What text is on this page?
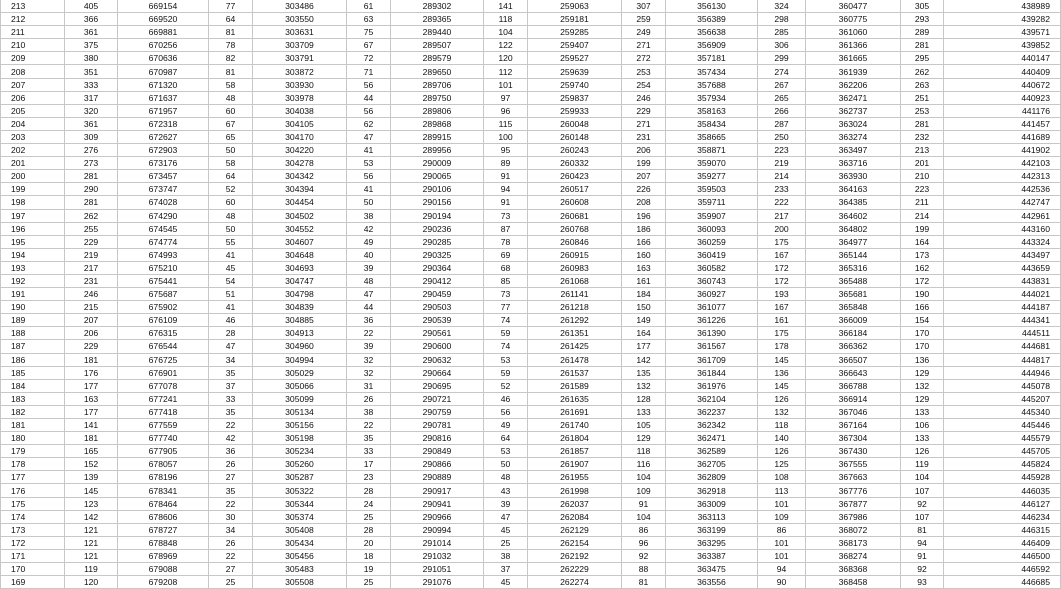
213	405	669154	77	303486	61	289302	141	259063	307	356130	324	360477	305	438989
212	366	669520	64	303550	63	289365	118	259181	259	356389	298	360775	293	439282
211	361	669881	81	303631	75	289440	104	259285	249	356638	285	361060	289	439571
210	375	670256	78	303709	67	289507	122	259407	271	356909	306	361366	281	439852
209	380	670636	82	303791	72	289579	120	259527	272	357181	299	361665	295	440147
208	351	670987	81	303872	71	289650	112	259639	253	357434	274	361939	262	440409
207	333	671320	58	303930	56	289706	101	259740	254	357688	267	362206	263	440672
206	317	671637	48	303978	44	289750	97	259837	246	357934	265	362471	251	440923
205	320	671957	60	304038	56	289806	96	259933	229	358163	266	362737	253	441176
204	361	672318	67	304105	62	289868	115	260048	271	358434	287	363024	281	441457
203	309	672627	65	304170	47	289915	100	260148	231	358665	250	363274	232	441689
202	276	672903	50	304220	41	289956	95	260243	206	358871	223	363497	213	441902
201	273	673176	58	304278	53	290009	89	260332	199	359070	219	363716	201	442103
200	281	673457	64	304342	56	290065	91	260423	207	359277	214	363930	210	442313
199	290	673747	52	304394	41	290106	94	260517	226	359503	233	364163	223	442536
198	281	674028	60	304454	50	290156	91	260608	208	359711	222	364385	211	442747
197	262	674290	48	304502	38	290194	73	260681	196	359907	217	364602	214	442961
196	255	674545	50	304552	42	290236	87	260768	186	360093	200	364802	199	443160
195	229	674774	55	304607	49	290285	78	260846	166	360259	175	364977	164	443324
194	219	674993	41	304648	40	290325	69	260915	160	360419	167	365144	173	443497
193	217	675210	45	304693	39	290364	68	260983	163	360582	172	365316	162	443659
192	231	675441	54	304747	48	290412	85	261068	161	360743	172	365488	172	443831
191	246	675687	51	304798	47	290459	73	261141	184	360927	193	365681	190	444021
190	215	675902	41	304839	44	290503	77	261218	150	361077	167	365848	166	444187
189	207	676109	46	304885	36	290539	74	261292	149	361226	161	366009	154	444341
188	206	676315	28	304913	22	290561	59	261351	164	361390	175	366184	170	444511
187	229	676544	47	304960	39	290600	74	261425	177	361567	178	366362	170	444681
186	181	676725	34	304994	32	290632	53	261478	142	361709	145	366507	136	444817
185	176	676901	35	305029	32	290664	59	261537	135	361844	136	366643	129	444946
184	177	677078	37	305066	31	290695	52	261589	132	361976	145	366788	132	445078
183	163	677241	33	305099	26	290721	46	261635	128	362104	126	366914	129	445207
182	177	677418	35	305134	38	290759	56	261691	133	362237	132	367046	133	445340
181	141	677559	22	305156	22	290781	49	261740	105	362342	118	367164	106	445446
180	181	677740	42	305198	35	290816	64	261804	129	362471	140	367304	133	445579
179	165	677905	36	305234	33	290849	53	261857	118	362589	126	367430	126	445705
178	152	678057	26	305260	17	290866	50	261907	116	362705	125	367555	119	445824
177	139	678196	27	305287	23	290889	48	261955	104	362809	108	367663	104	445928
176	145	678341	35	305322	28	290917	43	261998	109	362918	113	367776	107	446035
175	123	678464	22	305344	24	290941	39	262037	91	363009	101	367877	92	446127
174	142	678606	30	305374	25	290966	47	262084	104	363113	109	367986	107	446234
173	121	678727	34	305408	28	290994	45	262129	86	363199	86	368072	81	446315
172	121	678848	26	305434	20	291014	25	262154	96	363295	101	368173	94	446409
171	121	678969	22	305456	18	291032	38	262192	92	363387	101	368274	91	446500
170	119	679088	27	305483	19	291051	37	262229	88	363475	94	368368	92	446592
169	120	679208	25	305508	25	291076	45	262274	81	363556	90	368458	93	446685
